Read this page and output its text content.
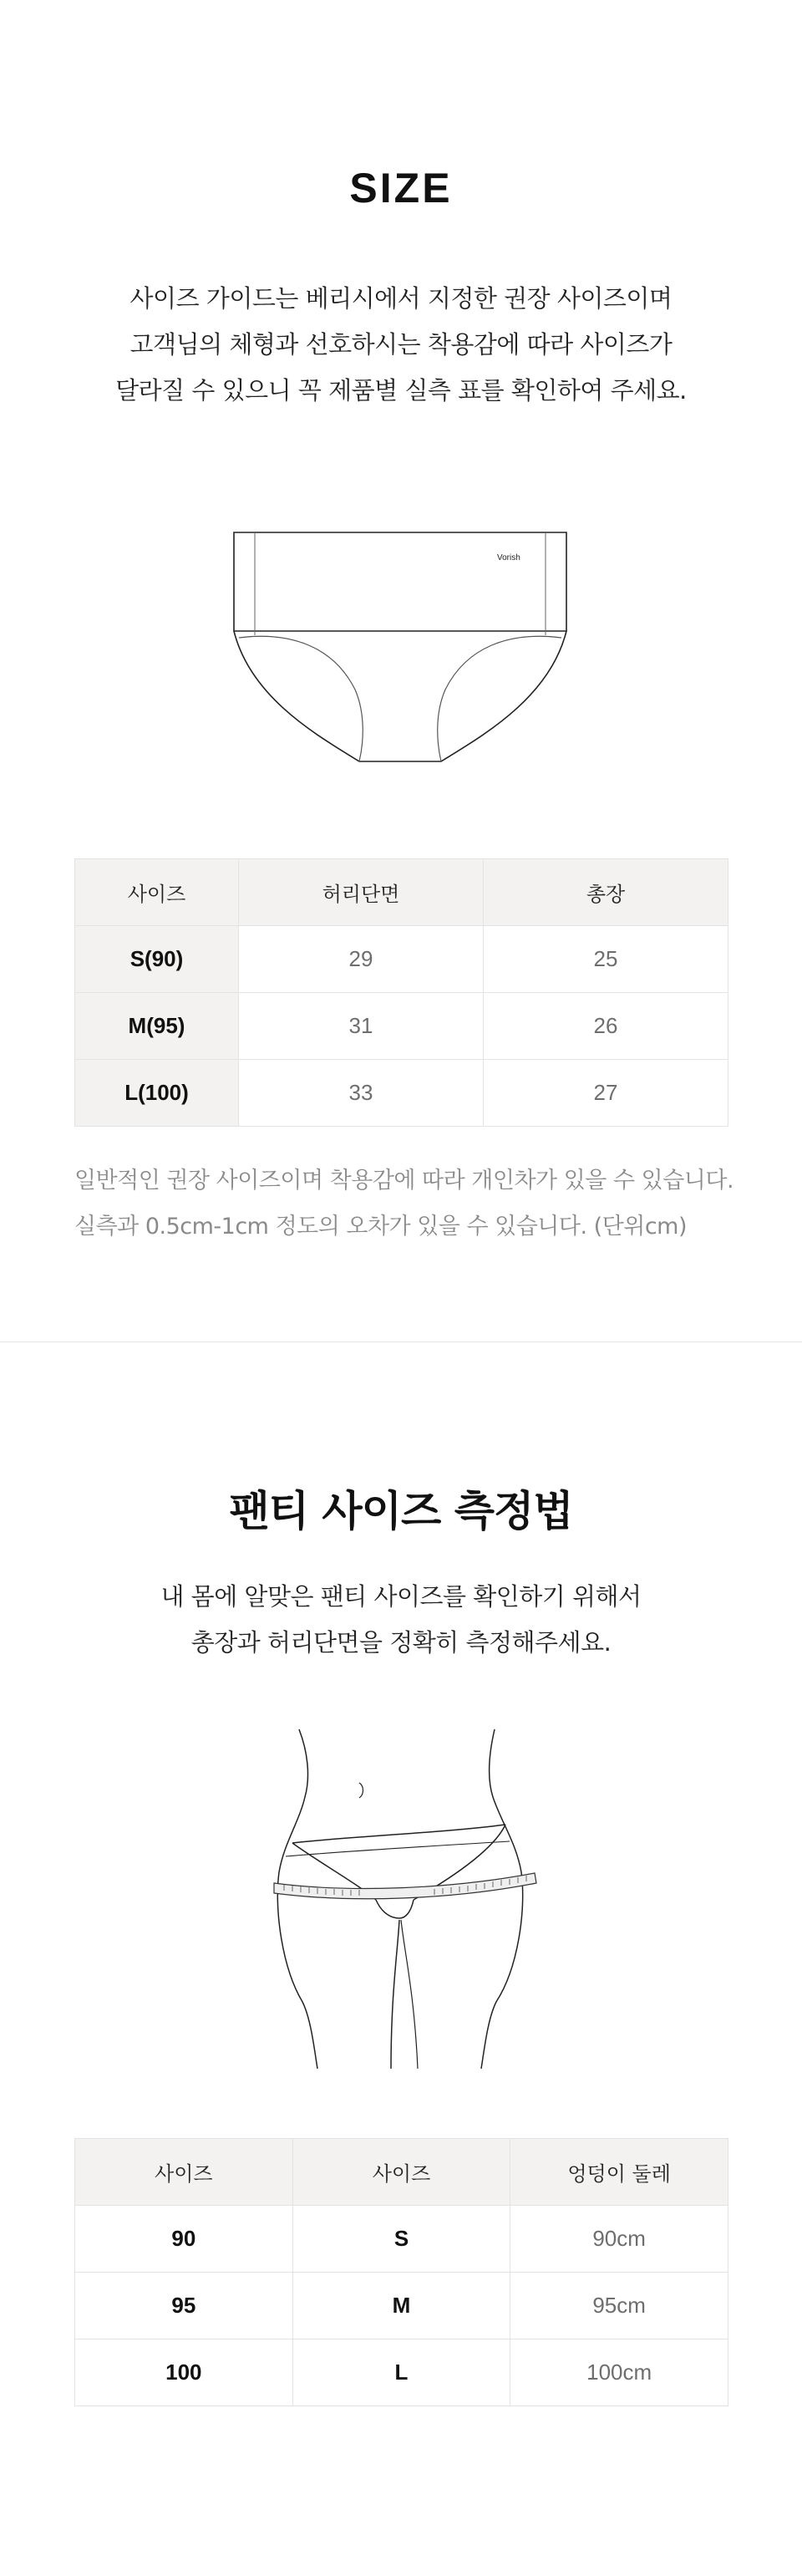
SIZE
사이즈 가이드는 베리시에서 지정한 권장 사이즈이며
고객님의 체형과 선호하시는 착용감에 따라 사이즈가
달라질 수 있으니 꼭 제품별 실측 표를 확인하여 주세요.
Vorish
사이즈	허리단면	총장
S(90)	29	25
M(95)	31	26
L(100)	33	27
일반적인 권장 사이즈이며 착용감에 따라 개인차가 있을 수 있습니다.
실측과 0.5cm-1cm 정도의 오차가 있을 수 있습니다. (단위cm)
팬티 사이즈 측정법
내 몸에 알맞은 팬티 사이즈를 확인하기 위해서
총장과 허리단면을 정확히 측정해주세요.
사이즈	사이즈	엉덩이 둘레
90	S	90cm
95	M	95cm
100	L	100cm
